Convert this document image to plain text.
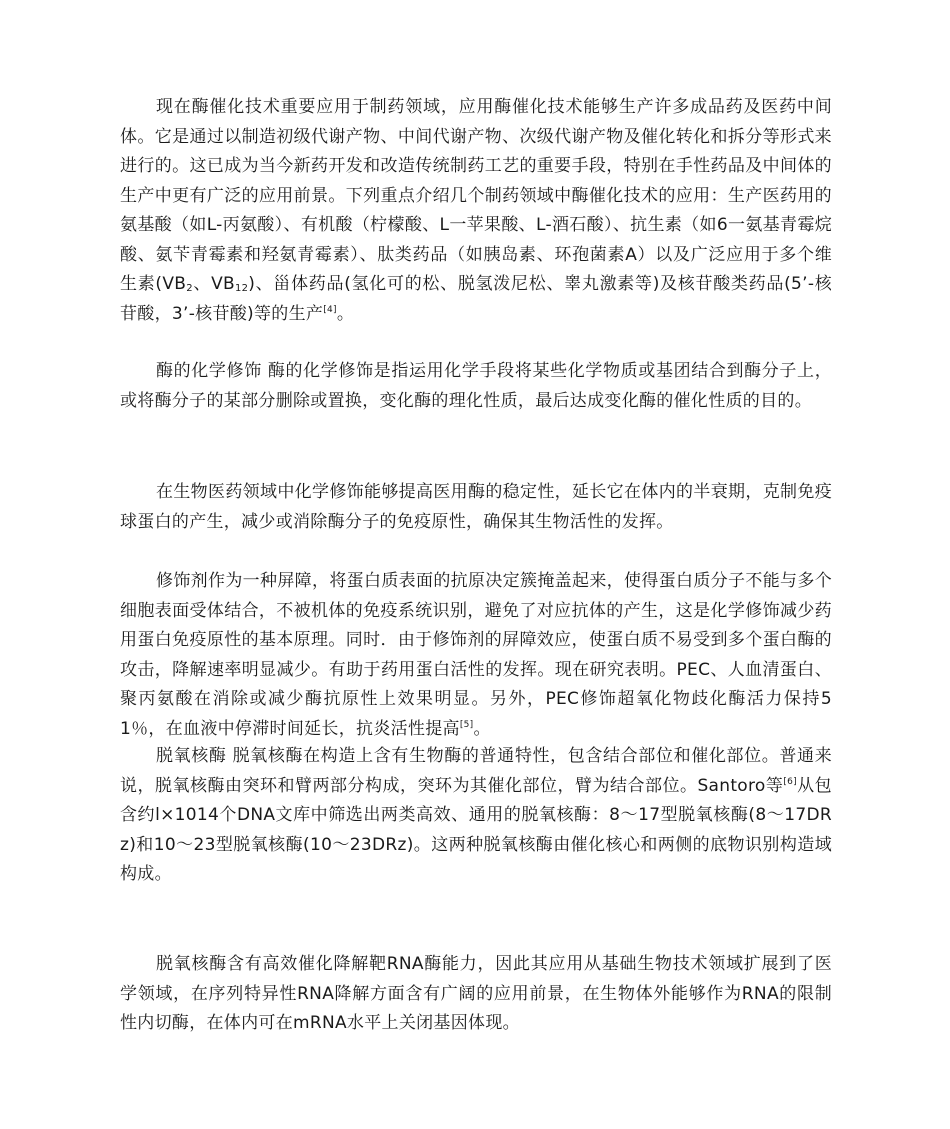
现在酶催化技术重要应用于制药领域，应用酶催化技术能够生产许多成品药及医药中间体。它是通过以制造初级代谢产物、中间代谢产物、次级代谢产物及催化转化和拆分等形式来进行的。这已成为当今新药开发和改造传统制药工艺的重要手段，特别在手性药品及中间体的生产中更有广泛的应用前景。下列重点介绍几个制药领域中酶催化技术的应用：生产医药用的氨基酸（如L-丙氨酸）、有机酸（柠檬酸、L一苹果酸、L-酒石酸）、抗生素（如6一氨基青霉烷酸、氨苄青霉素和羟氨青霉素）、肽类药品（如胰岛素、环孢菌素A）以及广泛应用于多个维生素($VB_2$、$VB_{12}$)、甾体药品(氢化可的松、脱氢泼尼松、睾丸激素等)及核苷酸类药品(5’-核苷酸，3’-核苷酸)等的生产[4]。

酶的化学修饰 酶的化学修饰是指运用化学手段将某些化学物质或基团结合到酶分子上，或将酶分子的某部分删除或置换，变化酶的理化性质，最后达成变化酶的催化性质的目的。

在生物医药领域中化学修饰能够提高医用酶的稳定性，延长它在体内的半衰期，克制免疫球蛋白的产生，减少或消除酶分子的免疫原性，确保其生物活性的发挥。

修饰剂作为一种屏障，将蛋白质表面的抗原决定簇掩盖起来，使得蛋白质分子不能与多个细胞表面受体结合，不被机体的免疫系统识别，避免了对应抗体的产生，这是化学修饰减少药用蛋白免疫原性的基本原理。同时．由于修饰剂的屏障效应，使蛋白质不易受到多个蛋白酶的攻击，降解速率明显减少。有助于药用蛋白活性的发挥。现在研究表明。PEC、人血清蛋白、聚丙氨酸在消除或减少酶抗原性上效果明显。另外，PEC修饰超氧化物歧化酶活力保持51％，在血液中停滞时间延长，抗炎活性提高[5]。

脱氧核酶 脱氧核酶在构造上含有生物酶的普通特性，包含结合部位和催化部位。普通来说，脱氧核酶由突环和臂两部分构成，突环为其催化部位，臂为结合部位。Santoro等[6]从包含约l×1014个DNA文库中筛选出两类高效、通用的脱氧核酶：8～17型脱氧核酶(8～17DRz)和10～23型脱氧核酶(10～23DRz)。这两种脱氧核酶由催化核心和两侧的底物识别构造域构成。

脱氧核酶含有高效催化降解靶RNA酶能力，因此其应用从基础生物技术领域扩展到了医学领域，在序列特异性RNA降解方面含有广阔的应用前景，在生物体外能够作为RNA的限制性内切酶，在体内可在mRNA水平上关闭基因体现。
